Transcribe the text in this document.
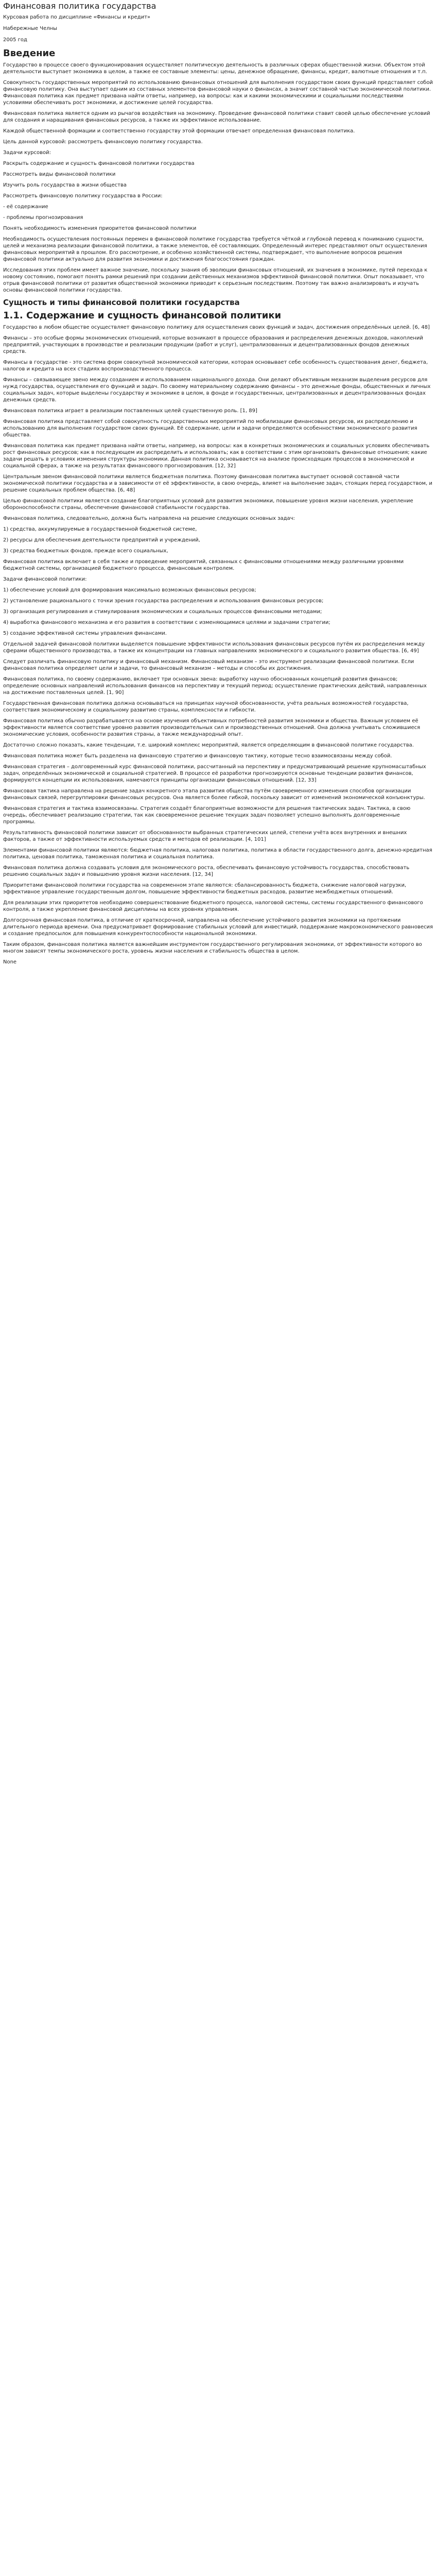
Финансовая политика государства
Курсовая работа по дисциплине «Финансы и кредит»
Набережные Челны
2005 год
Введение

Государство в процессе своего функционирования осуществляет политическую деятельность в различных сферах общественной жизни. Объектом этой деятельности выступает экономика в целом, а также ее составные элементы: цены, денежное обращение, финансы, кредит, валютные отношения и т.п.

Совокупность государственных мероприятий по использованию финансовых отношений для выполнения государством своих функций представляет собой финансовую политику. Она выступает одним из составных элементов финансовой науки о финансах, а значит составной частью экономической политики. Финансовая политика как предмет призвана найти ответы, например, на вопросы: как и какими экономическими и социальными последствиями условиями обеспечивать рост экономики, и достижение целей государства.

Финансовая политика является одним из рычагов воздействия на экономику. Проведение финансовой политики ставит своей целью обеспечение условий для создания и наращивания финансовых ресурсов, а также их эффективное использование.

Каждой общественной формации и соответственно государству этой формации отвечает определенная финансовая политика.

Цель данной курсовой: рассмотреть финансовую политику государства.

Задачи курсовой:

Раскрыть содержание и сущность финансовой политики государства

Рассмотреть виды финансовой политики

Изучить роль государства в жизни общества

Рассмотреть финансовую политику государства в России:

- её содержание

- проблемы прогнозирования

Понять необходимость изменения приоритетов финансовой политики

Необходимость осуществления постоянных перемен в финансовой политике государства требуется чёткой и глубокой перевод к пониманию сущности, целей и механизма реализации финансовой политики, а также элементов, её составляющих. Определенный интерес представляют опыт осуществления финансовых мероприятий в прошлом. Его рассмотрение, и особенно хозяйственной системы, подтверждает, что выполнение вопросов решения финансовой политики актуально для развития экономики и достижения благосостояния граждан.

Исследования этих проблем имеет важное значение, поскольку знания об эволюции финансовых отношений, их значения в экономике, путей перехода к новому состоянию, помогают понять рамки решений при создании действенных механизмов эффективной финансовой политики. Опыт показывает, что отрыв финансовой политики от развития общественной экономики приводит к серьезным последствиям. Поэтому так важно анализировать и изучать основы финансовой политики государства.

Сущность и типы финансовой политики государства
1.1. Содержание и сущность финансовой политики

Государство в любом обществе осуществляет финансовую политику для осуществления своих функций и задач, достижения определённых целей. [6, 48]

Финансы – это особые формы экономических отношений, которые возникают в процессе образования и распределения денежных доходов, накоплений предприятий, участвующих в производстве и реализации продукции (работ и услуг), централизованных и децентрализованных фондов денежных средств.

Финансы в государстве - это система форм совокупной экономической категории, которая основывает себе особенность существования денег, бюджета, налогов и кредита на всех стадиях воспроизводственного процесса.

Финансы – связывающее звено между созданием и использованием национального дохода. Они делают объективным механизм выделения ресурсов для нужд государства, осуществления его функций и задач. По своему материальному содержанию финансы – это денежные фонды, общественных и личных социальных задач, которые выделены государству и экономике в целом, в фонде и государственных, централизованных и децентрализованных фондах денежных средств.

Финансовая политика играет в реализации поставленных целей существенную роль. [1, 89]

Финансовая политика представляет собой совокупность государственных мероприятий по мобилизации финансовых ресурсов, их распределению и использованию для выполнения государством своих функций. Её содержание, цели и задачи определяются особенностями экономического развития общества.

Финансовая политика как предмет призвана найти ответы, например, на вопросы: как в конкретных экономических и социальных условиях обеспечивать рост финансовых ресурсов; как в последующем их распределить и использовать; как в соответствии с этим организовать финансовые отношения; какие задачи решать в условиях изменения структуры экономики. Данная политика основывается на анализе происходящих процессов в экономической и социальной сферах, а также на результатах финансового прогнозирования. [12, 32]

Центральным звеном финансовой политики является бюджетная политика. Поэтому финансовая политика выступает основой составной части экономической политики государства и в зависимости от её эффективности, в свою очередь, влияет на выполнение задач, стоящих перед государством, и решение социальных проблем общества. [6, 48]

Целью финансовой политики является создание благоприятных условий для развития экономики, повышение уровня жизни населения, укрепление обороноспособности страны, обеспечение финансовой стабильности государства.

Финансовая политика, следовательно, должна быть направлена на решение следующих основных задач:

1) средства, аккумулируемые в государственной бюджетной системе,

2) ресурсы для обеспечения деятельности предприятий и учреждений,

3) средства бюджетных фондов, прежде всего социальных,

Финансовая политика включает в себя также и проведение мероприятий, связанных с финансовыми отношениями между различными уровнями бюджетной системы, организацией бюджетного процесса, финансовым контролем.

Задачи финансовой политики:

1) обеспечение условий для формирования максимально возможных финансовых ресурсов;

2) установление рационального с точки зрения государства распределения и использования финансовых ресурсов;

3) организация регулирования и стимулирования экономических и социальных процессов финансовыми методами;

4) выработка финансового механизма и его развития в соответствии с изменяющимися целями и задачами стратегии;

5) создание эффективной системы управления финансами.

Отдельной задачей финансовой политики выделяется повышение эффективности использования финансовых ресурсов путём их распределения между сферами общественного производства, а также их концентрации на главных направлениях экономического и социального развития общества. [6, 49]

Следует различать финансовую политику и финансовый механизм. Финансовый механизм – это инструмент реализации финансовой политики. Если финансовая политика определяет цели и задачи, то финансовый механизм – методы и способы их достижения.

Финансовая политика, по своему содержанию, включает три основных звена: выработку научно обоснованных концепций развития финансов; определение основных направлений использования финансов на перспективу и текущий период; осуществление практических действий, направленных на достижение поставленных целей. [1, 90]

Государственная финансовая политика должна основываться на принципах научной обоснованности, учёта реальных возможностей государства, соответствия экономическому и социальному развитию страны, комплексности и гибкости.

Финансовая политика обычно разрабатывается на основе изучения объективных потребностей развития экономики и общества. Важным условием её эффективности является соответствие уровню развития производительных сил и производственных отношений. Она должна учитывать сложившиеся экономические условия, особенности развития страны, а также международный опыт.

Достаточно сложно показать, какие тенденции, т.е. широкий комплекс мероприятий, является определяющим в финансовой политике государства.

Финансовая политика может быть разделена на финансовую стратегию и финансовую тактику, которые тесно взаимосвязаны между собой.

Финансовая стратегия – долговременный курс финансовой политики, рассчитанный на перспективу и предусматривающий решение крупномасштабных задач, определённых экономической и социальной стратегией. В процессе её разработки прогнозируются основные тенденции развития финансов, формируются концепции их использования, намечаются принципы организации финансовых отношений. [12, 33]

Финансовая тактика направлена на решение задач конкретного этапа развития общества путём своевременного изменения способов организации финансовых связей, перегруппировки финансовых ресурсов. Она является более гибкой, поскольку зависит от изменений экономической конъюнктуры.

Финансовая стратегия и тактика взаимосвязаны. Стратегия создаёт благоприятные возможности для решения тактических задач. Тактика, в свою очередь, обеспечивает реализацию стратегии, так как своевременное решение текущих задач позволяет успешно выполнять долговременные программы.

Результативность финансовой политики зависит от обоснованности выбранных стратегических целей, степени учёта всех внутренних и внешних факторов, а также от эффективности используемых средств и методов её реализации. [4, 101]

Элементами финансовой политики являются: бюджетная политика, налоговая политика, политика в области государственного долга, денежно-кредитная политика, ценовая политика, таможенная политика и социальная политика.

Финансовая политика должна создавать условия для экономического роста, обеспечивать финансовую устойчивость государства, способствовать решению социальных задач и повышению уровня жизни населения. [12, 34]

Приоритетами финансовой политики государства на современном этапе являются: сбалансированность бюджета, снижение налоговой нагрузки, эффективное управление государственным долгом, повышение эффективности бюджетных расходов, развитие межбюджетных отношений.

Для реализации этих приоритетов необходимо совершенствование бюджетного процесса, налоговой системы, системы государственного финансового контроля, а также укрепление финансовой дисциплины на всех уровнях управления.

Долгосрочная финансовая политика, в отличие от краткосрочной, направлена на обеспечение устойчивого развития экономики на протяжении длительного периода времени. Она предусматривает формирование стабильных условий для инвестиций, поддержание макроэкономического равновесия и создание предпосылок для повышения конкурентоспособности национальной экономики.

Таким образом, финансовая политика является важнейшим инструментом государственного регулирования экономики, от эффективности которого во многом зависят темпы экономического роста, уровень жизни населения и стабильность общества в целом.

None
